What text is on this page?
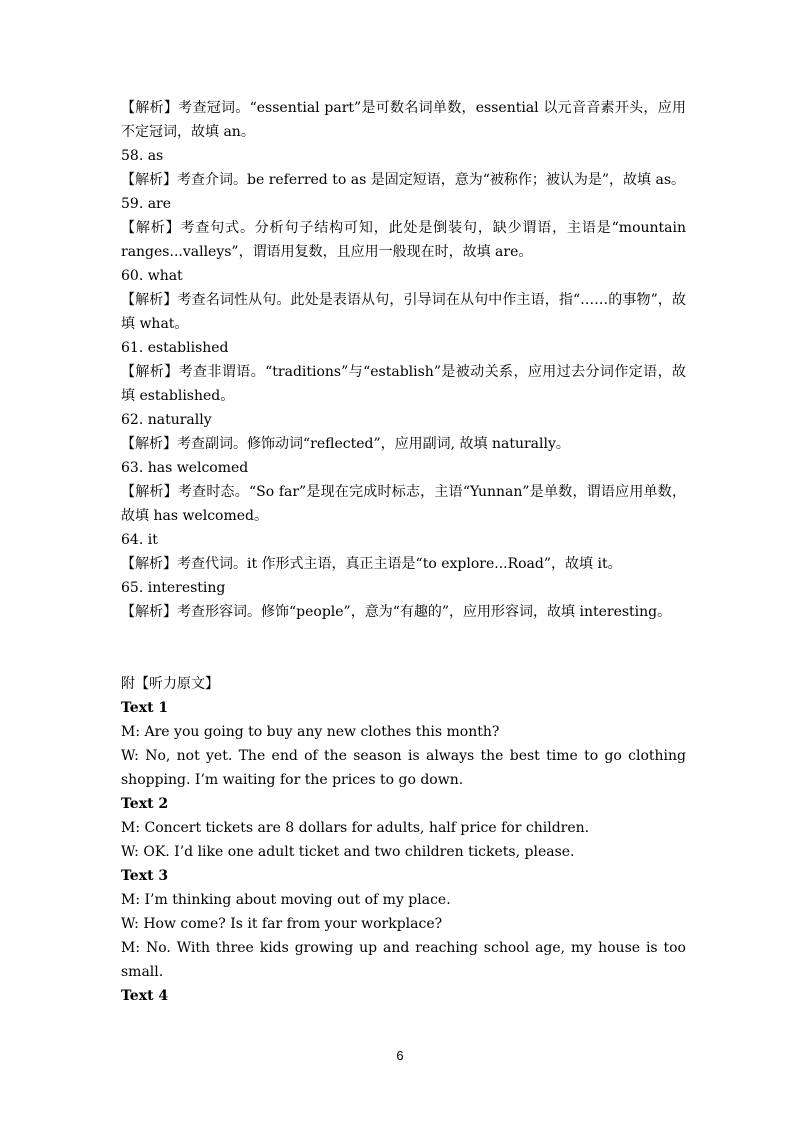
【解析】考查冠词。“essential part”是可数名词单数，essential 以元音音素开头，应用不定冠词，故填 an。

58. as

【解析】考查介词。be referred to as 是固定短语，意为“被称作；被认为是”，故填 as。

59. are

【解析】考查句式。分析句子结构可知，此处是倒装句，缺少谓语，主语是“mountain ranges...valleys”，谓语用复数，且应用一般现在时，故填 are。

60. what

【解析】考查名词性从句。此处是表语从句，引导词在从句中作主语，指“……的事物”，故填 what。

61. established

【解析】考查非谓语。“traditions”与“establish”是被动关系，应用过去分词作定语，故填 established。

62. naturally

【解析】考查副词。修饰动词“reflected”，应用副词, 故填 naturally。

63. has welcomed

【解析】考查时态。“So far”是现在完成时标志，主语“Yunnan”是单数，谓语应用单数，故填 has welcomed。

64. it

【解析】考查代词。it 作形式主语，真正主语是“to explore...Road”，故填 it。

65. interesting

【解析】考查形容词。修饰“people”，意为“有趣的”，应用形容词，故填 interesting。

附【听力原文】

Text 1

M: Are you going to buy any new clothes this month?

W: No, not yet. The end of the season is always the best time to go clothing shopping. I’m waiting for the prices to go down.

Text 2

M: Concert tickets are 8 dollars for adults, half price for children.

W: OK. I’d like one adult ticket and two children tickets, please.

Text 3

M: I’m thinking about moving out of my place.

W: How come? Is it far from your workplace?

M: No. With three kids growing up and reaching school age, my house is too small.

Text 4

6
